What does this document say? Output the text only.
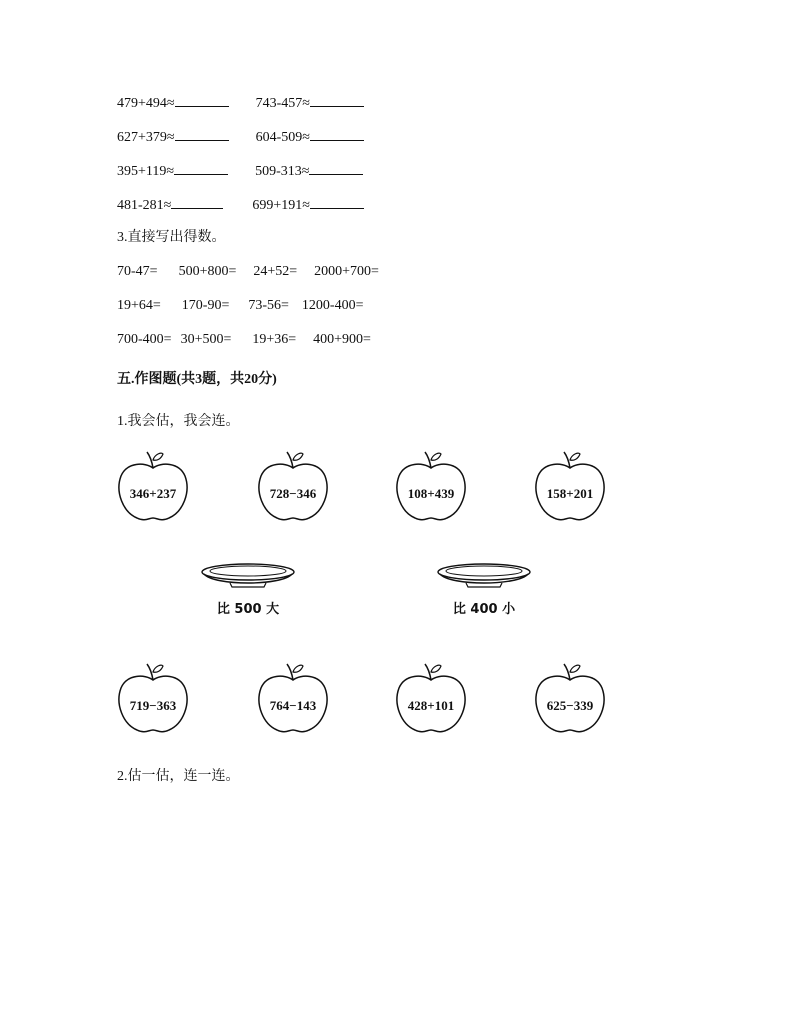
479+494≈	743-457≈
627+379≈	604-509≈
395+119≈	509-313≈
481-281≈	699+191≈
3.直接写出得数。
70-47= 500+800= 24+52= 2000+700=
19+64= 170-90= 73-56= 1200-400=
700-400= 30+500= 19+36= 400+900=
五.作图题(共3题，共20分)
1.我会估，我会连。
346+237	728−346	108+439	158+201
比 500 大	比 400 小
719−363	764−143	428+101	625−339
2.估一估，连一连。
